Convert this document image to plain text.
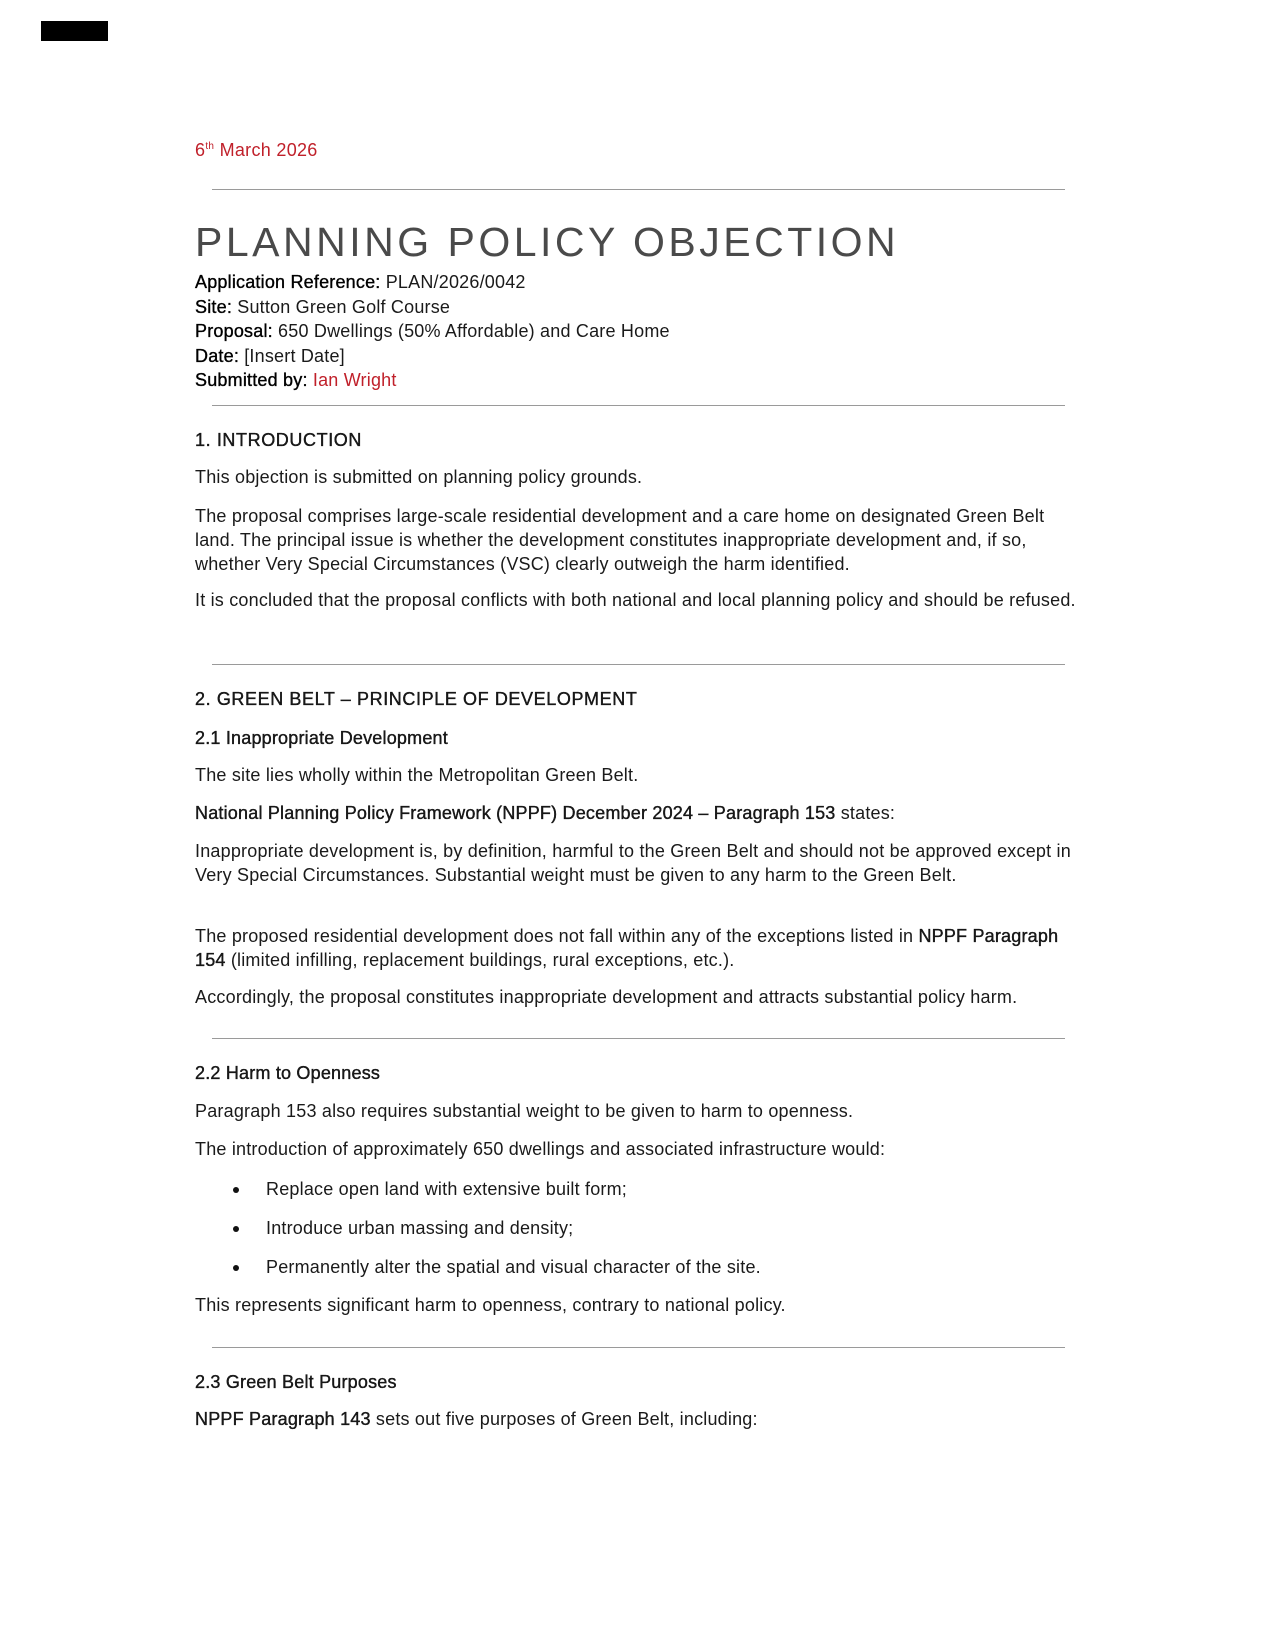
6th March 2026
PLANNING POLICY OBJECTION
Application Reference: PLAN/2026/0042
Site: Sutton Green Golf Course
Proposal: 650 Dwellings (50% Affordable) and Care Home
Date: [Insert Date]
Submitted by: Ian Wright
1. INTRODUCTION

This objection is submitted on planning policy grounds.

The proposal comprises large-scale residential development and a care home on designated Green Belt land. The principal issue is whether the development constitutes inappropriate development and, if so, whether Very Special Circumstances (VSC) clearly outweigh the harm identified.

It is concluded that the proposal conflicts with both national and local planning policy and should be refused.

2. GREEN BELT – PRINCIPLE OF DEVELOPMENT
2.1 Inappropriate Development

The site lies wholly within the Metropolitan Green Belt.

National Planning Policy Framework (NPPF) December 2024 – Paragraph 153 states:

Inappropriate development is, by definition, harmful to the Green Belt and should not be approved except in Very Special Circumstances. Substantial weight must be given to any harm to the Green Belt.

The proposed residential development does not fall within any of the exceptions listed in NPPF Paragraph 154 (limited infilling, replacement buildings, rural exceptions, etc.).

Accordingly, the proposal constitutes inappropriate development and attracts substantial policy harm.

2.2 Harm to Openness

Paragraph 153 also requires substantial weight to be given to harm to openness.

The introduction of approximately 650 dwellings and associated infrastructure would:

Replace open land with extensive built form;
Introduce urban massing and density;
Permanently alter the spatial and visual character of the site.

This represents significant harm to openness, contrary to national policy.

2.3 Green Belt Purposes

NPPF Paragraph 143 sets out five purposes of Green Belt, including:
